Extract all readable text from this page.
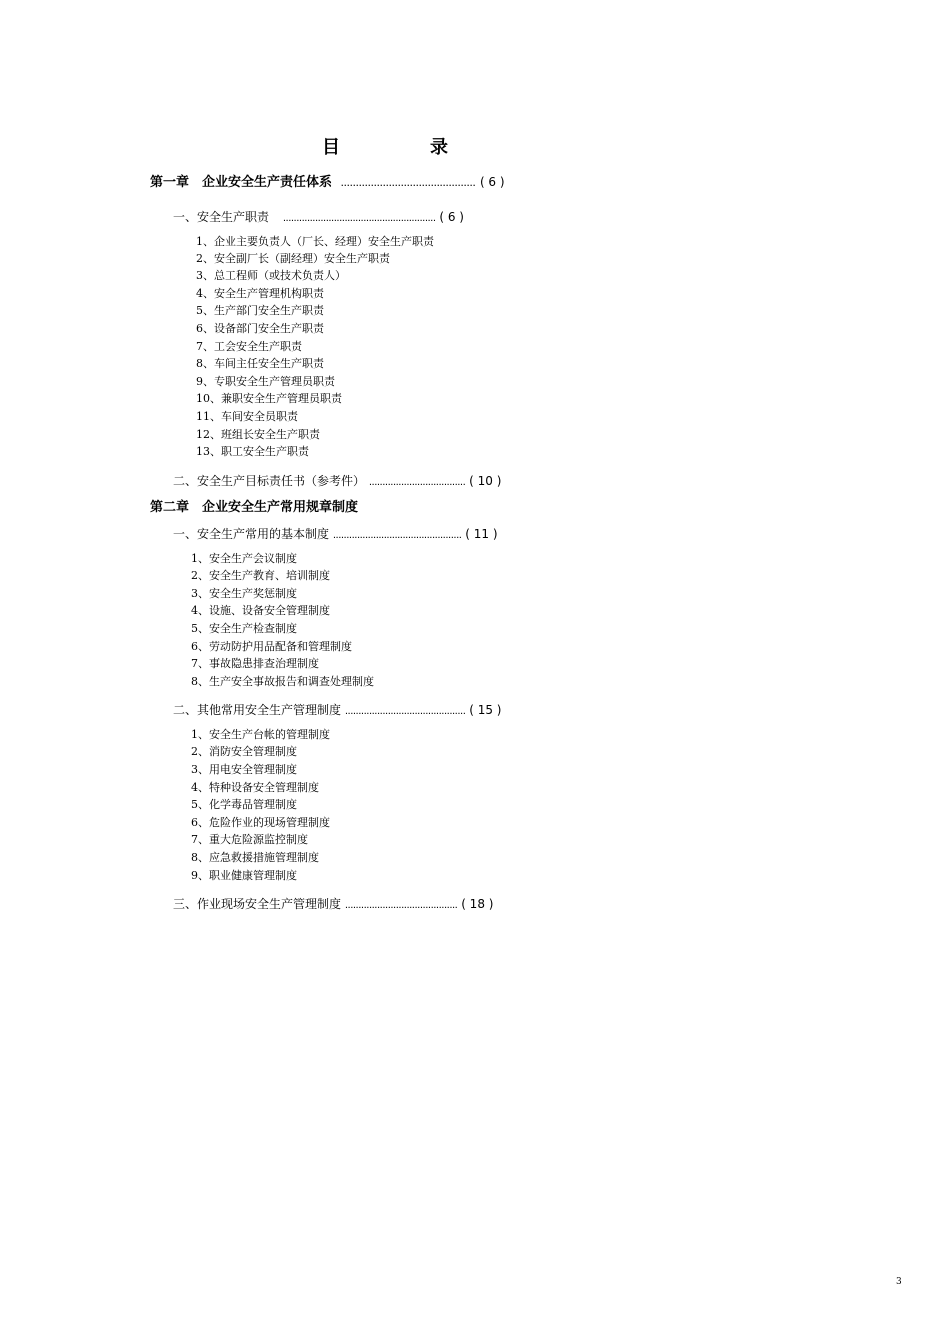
目　录
第一章　企业安全生产责任体系 ............................................. ( 6 )
一、安全生产职责 ......................................................... ( 6 )
1、企业主要负责人（厂长、经理）安全生产职责
2、安全副厂长（副经理）安全生产职责
3、总工程师（或技术负责人）
4、安全生产管理机构职责
5、生产部门安全生产职责
6、设备部门安全生产职责
7、工会安全生产职责
8、车间主任安全生产职责
9、专职安全生产管理员职责
10、兼职安全生产管理员职责
11、车间安全员职责
12、班组长安全生产职责
13、职工安全生产职责
二、安全生产目标责任书（参考件） .................................... ( 10 )
第二章　企业安全生产常用规章制度
一、安全生产常用的基本制度 ................................................ ( 11 )
1、安全生产会议制度
2、安全生产教育、培训制度
3、安全生产奖惩制度
4、设施、设备安全管理制度
5、安全生产检查制度
6、劳动防护用品配备和管理制度
7、事故隐患排查治理制度
8、生产安全事故报告和调查处理制度
二、其他常用安全生产管理制度 ............................................. ( 15 )
1、安全生产台帐的管理制度
2、消防安全管理制度
3、用电安全管理制度
4、特种设备安全管理制度
5、化学毒品管理制度
6、危险作业的现场管理制度
7、重大危险源监控制度
8、应急救援措施管理制度
9、职业健康管理制度
三、作业现场安全生产管理制度 .......................................... ( 18 )
3
